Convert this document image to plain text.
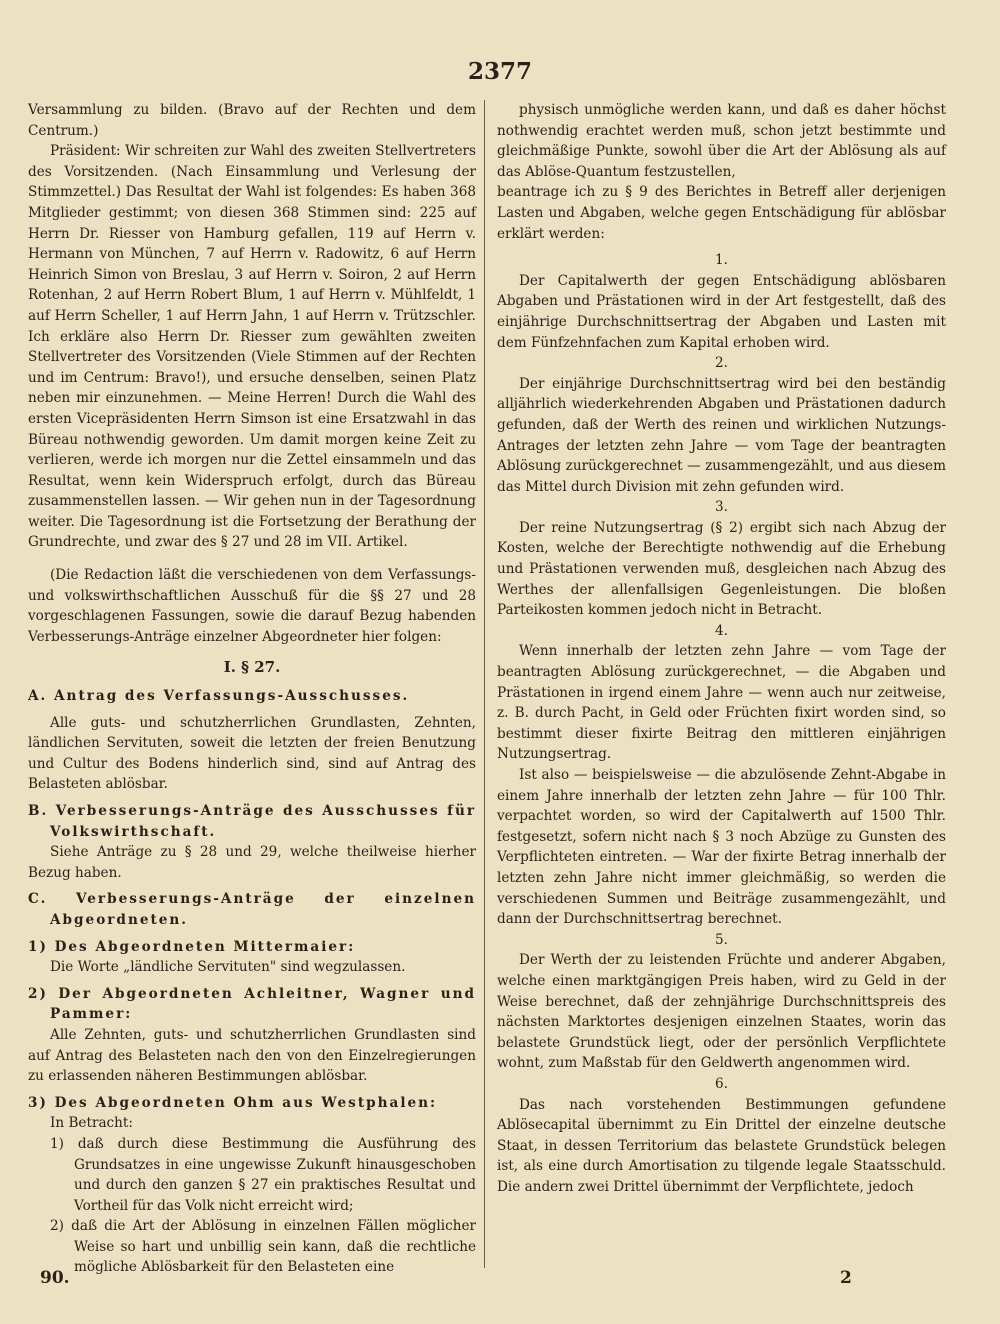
2377

Versammlung zu bilden. (Bravo auf der Rechten und dem Centrum.)

Präsident: Wir schreiten zur Wahl des zweiten Stellvertreters des Vorsitzenden. (Nach Einsammlung und Verlesung der Stimmzettel.) Das Resultat der Wahl ist folgendes: Es haben 368 Mitglieder gestimmt; von diesen 368 Stimmen sind: 225 auf Herrn Dr. Riesser von Hamburg gefallen, 119 auf Herrn v. Hermann von München, 7 auf Herrn v. Radowitz, 6 auf Herrn Heinrich Simon von Breslau, 3 auf Herrn v. Soiron, 2 auf Herrn Rotenhan, 2 auf Herrn Robert Blum, 1 auf Herrn v. Mühlfeldt, 1 auf Herrn Scheller, 1 auf Herrn Jahn, 1 auf Herrn v. Trützschler. Ich erkläre also Herrn Dr. Riesser zum gewählten zweiten Stellvertreter des Vorsitzenden (Viele Stimmen auf der Rechten und im Centrum: Bravo!), und ersuche denselben, seinen Platz neben mir einzunehmen. — Meine Herren! Durch die Wahl des ersten Vicepräsidenten Herrn Simson ist eine Ersatzwahl in das Büreau nothwendig geworden. Um damit morgen keine Zeit zu verlieren, werde ich morgen nur die Zettel einsammeln und das Resultat, wenn kein Widerspruch erfolgt, durch das Büreau zusammenstellen lassen. — Wir gehen nun in der Tagesordnung weiter. Die Tagesordnung ist die Fortsetzung der Berathung der Grundrechte, und zwar des § 27 und 28 im VII. Artikel.

(Die Redaction läßt die verschiedenen von dem Verfassungs- und volkswirthschaftlichen Ausschuß für die §§ 27 und 28 vorgeschlagenen Fassungen, sowie die darauf Bezug habenden Verbesserungs-Anträge einzelner Abgeordneter hier folgen:

I. § 27.

A. Antrag des Verfassungs-Ausschusses.

Alle guts- und schutzherrlichen Grundlasten, Zehnten, ländlichen Servituten, soweit die letzten der freien Benutzung und Cultur des Bodens hinderlich sind, sind auf Antrag des Belasteten ablösbar.

B. Verbesserungs-Anträge des Ausschusses für Volkswirthschaft.

Siehe Anträge zu § 28 und 29, welche theilweise hierher Bezug haben.

C. Verbesserungs-Anträge der einzelnen Abgeordneten.

1) Des Abgeordneten Mittermaier:

Die Worte „ländliche Servituten" sind wegzulassen.

2) Der Abgeordneten Achleitner, Wagner und Pammer:

Alle Zehnten, guts- und schutzherrlichen Grundlasten sind auf Antrag des Belasteten nach den von den Einzelregierungen zu erlassenden näheren Bestimmungen ablösbar.

3) Des Abgeordneten Ohm aus Westphalen:

In Betracht:

1) daß durch diese Bestimmung die Ausführung des Grundsatzes in eine ungewisse Zukunft hinausgeschoben und durch den ganzen § 27 ein praktisches Resultat und Vortheil für das Volk nicht erreicht wird;

2) daß die Art der Ablösung in einzelnen Fällen möglicher Weise so hart und unbillig sein kann, daß die rechtliche mögliche Ablösbarkeit für den Belasteten eine

physisch unmögliche werden kann, und daß es daher höchst nothwendig erachtet werden muß, schon jetzt bestimmte und gleichmäßige Punkte, sowohl über die Art der Ablösung als auf das Ablöse-Quantum festzustellen,

beantrage ich zu § 9 des Berichtes in Betreff aller derjenigen Lasten und Abgaben, welche gegen Entschädigung für ablösbar erklärt werden:

1.

Der Capitalwerth der gegen Entschädigung ablösbaren Abgaben und Prästationen wird in der Art festgestellt, daß des einjährige Durchschnittsertrag der Abgaben und Lasten mit dem Fünfzehnfachen zum Kapital erhoben wird.

2.

Der einjährige Durchschnittsertrag wird bei den beständig alljährlich wiederkehrenden Abgaben und Prästationen dadurch gefunden, daß der Werth des reinen und wirklichen Nutzungs-Antrages der letzten zehn Jahre — vom Tage der beantragten Ablösung zurückgerechnet — zusammengezählt, und aus diesem das Mittel durch Division mit zehn gefunden wird.

3.

Der reine Nutzungsertrag (§ 2) ergibt sich nach Abzug der Kosten, welche der Berechtigte nothwendig auf die Erhebung und Prästationen verwenden muß, desgleichen nach Abzug des Werthes der allenfallsigen Gegenleistungen. Die bloßen Parteikosten kommen jedoch nicht in Betracht.

4.

Wenn innerhalb der letzten zehn Jahre — vom Tage der beantragten Ablösung zurückgerechnet, — die Abgaben und Prästationen in irgend einem Jahre — wenn auch nur zeitweise, z. B. durch Pacht, in Geld oder Früchten fixirt worden sind, so bestimmt dieser fixirte Beitrag den mittleren einjährigen Nutzungsertrag.

Ist also — beispielsweise — die abzulösende Zehnt-Abgabe in einem Jahre innerhalb der letzten zehn Jahre — für 100 Thlr. verpachtet worden, so wird der Capitalwerth auf 1500 Thlr. festgesetzt, sofern nicht nach § 3 noch Abzüge zu Gunsten des Verpflichteten eintreten. — War der fixirte Betrag innerhalb der letzten zehn Jahre nicht immer gleichmäßig, so werden die verschiedenen Summen und Beiträge zusammengezählt, und dann der Durchschnittsertrag berechnet.

5.

Der Werth der zu leistenden Früchte und anderer Abgaben, welche einen marktgängigen Preis haben, wird zu Geld in der Weise berechnet, daß der zehnjährige Durchschnittspreis des nächsten Marktortes desjenigen einzelnen Staates, worin das belastete Grundstück liegt, oder der persönlich Verpflichtete wohnt, zum Maßstab für den Geldwerth angenommen wird.

6.

Das nach vorstehenden Bestimmungen gefundene Ablösecapital übernimmt zu Ein Drittel der einzelne deutsche Staat, in dessen Territorium das belastete Grundstück belegen ist, als eine durch Amortisation zu tilgende legale Staatsschuld. Die andern zwei Drittel übernimmt der Verpflichtete, jedoch

90.	2
